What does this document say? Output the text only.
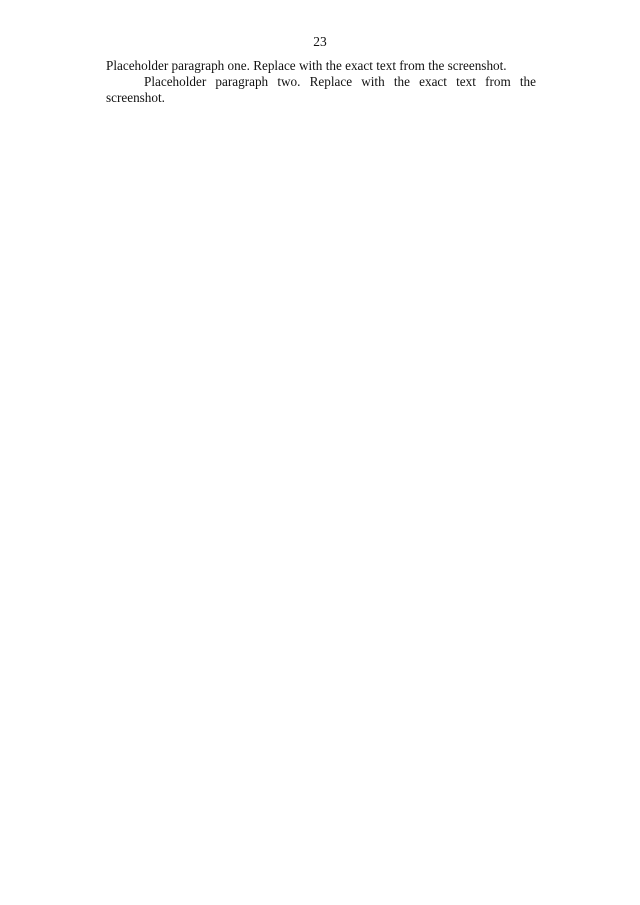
23

Placeholder paragraph one. Replace with the exact text from the screenshot.

Placeholder paragraph two. Replace with the exact text from the screenshot.
